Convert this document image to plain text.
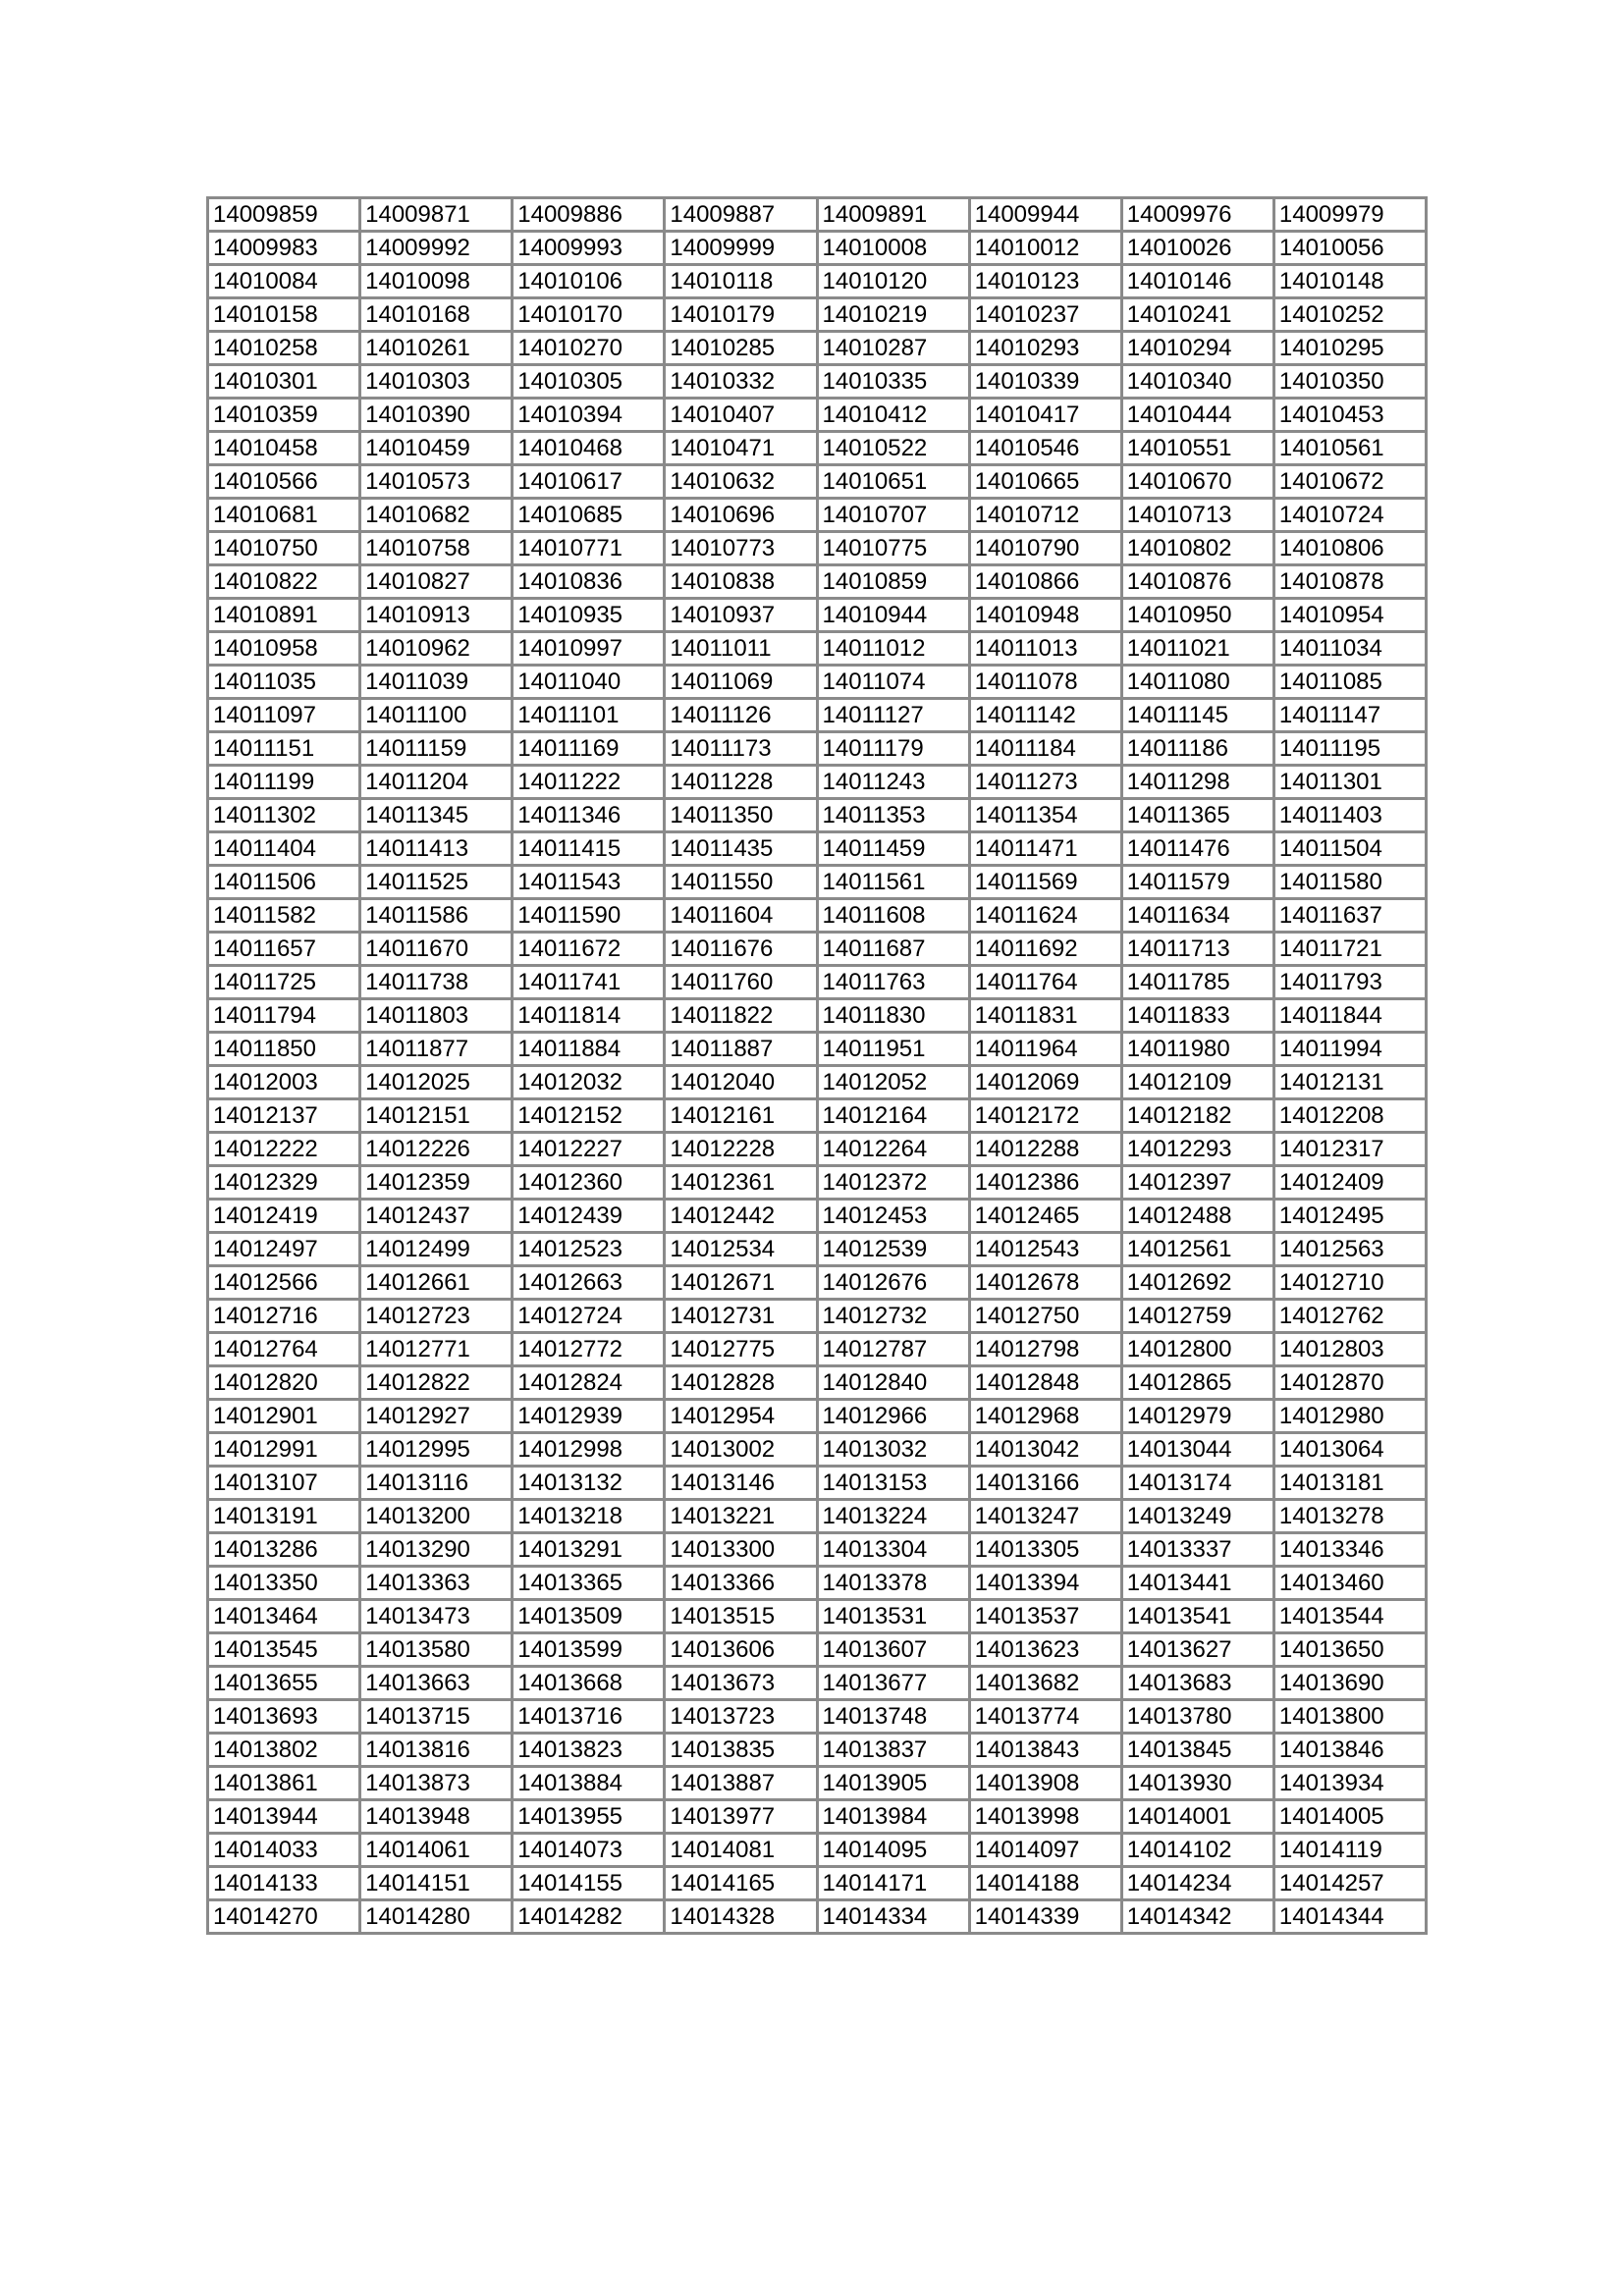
14009859	14009871	14009886	14009887	14009891	14009944	14009976	14009979
14009983	14009992	14009993	14009999	14010008	14010012	14010026	14010056
14010084	14010098	14010106	14010118	14010120	14010123	14010146	14010148
14010158	14010168	14010170	14010179	14010219	14010237	14010241	14010252
14010258	14010261	14010270	14010285	14010287	14010293	14010294	14010295
14010301	14010303	14010305	14010332	14010335	14010339	14010340	14010350
14010359	14010390	14010394	14010407	14010412	14010417	14010444	14010453
14010458	14010459	14010468	14010471	14010522	14010546	14010551	14010561
14010566	14010573	14010617	14010632	14010651	14010665	14010670	14010672
14010681	14010682	14010685	14010696	14010707	14010712	14010713	14010724
14010750	14010758	14010771	14010773	14010775	14010790	14010802	14010806
14010822	14010827	14010836	14010838	14010859	14010866	14010876	14010878
14010891	14010913	14010935	14010937	14010944	14010948	14010950	14010954
14010958	14010962	14010997	14011011	14011012	14011013	14011021	14011034
14011035	14011039	14011040	14011069	14011074	14011078	14011080	14011085
14011097	14011100	14011101	14011126	14011127	14011142	14011145	14011147
14011151	14011159	14011169	14011173	14011179	14011184	14011186	14011195
14011199	14011204	14011222	14011228	14011243	14011273	14011298	14011301
14011302	14011345	14011346	14011350	14011353	14011354	14011365	14011403
14011404	14011413	14011415	14011435	14011459	14011471	14011476	14011504
14011506	14011525	14011543	14011550	14011561	14011569	14011579	14011580
14011582	14011586	14011590	14011604	14011608	14011624	14011634	14011637
14011657	14011670	14011672	14011676	14011687	14011692	14011713	14011721
14011725	14011738	14011741	14011760	14011763	14011764	14011785	14011793
14011794	14011803	14011814	14011822	14011830	14011831	14011833	14011844
14011850	14011877	14011884	14011887	14011951	14011964	14011980	14011994
14012003	14012025	14012032	14012040	14012052	14012069	14012109	14012131
14012137	14012151	14012152	14012161	14012164	14012172	14012182	14012208
14012222	14012226	14012227	14012228	14012264	14012288	14012293	14012317
14012329	14012359	14012360	14012361	14012372	14012386	14012397	14012409
14012419	14012437	14012439	14012442	14012453	14012465	14012488	14012495
14012497	14012499	14012523	14012534	14012539	14012543	14012561	14012563
14012566	14012661	14012663	14012671	14012676	14012678	14012692	14012710
14012716	14012723	14012724	14012731	14012732	14012750	14012759	14012762
14012764	14012771	14012772	14012775	14012787	14012798	14012800	14012803
14012820	14012822	14012824	14012828	14012840	14012848	14012865	14012870
14012901	14012927	14012939	14012954	14012966	14012968	14012979	14012980
14012991	14012995	14012998	14013002	14013032	14013042	14013044	14013064
14013107	14013116	14013132	14013146	14013153	14013166	14013174	14013181
14013191	14013200	14013218	14013221	14013224	14013247	14013249	14013278
14013286	14013290	14013291	14013300	14013304	14013305	14013337	14013346
14013350	14013363	14013365	14013366	14013378	14013394	14013441	14013460
14013464	14013473	14013509	14013515	14013531	14013537	14013541	14013544
14013545	14013580	14013599	14013606	14013607	14013623	14013627	14013650
14013655	14013663	14013668	14013673	14013677	14013682	14013683	14013690
14013693	14013715	14013716	14013723	14013748	14013774	14013780	14013800
14013802	14013816	14013823	14013835	14013837	14013843	14013845	14013846
14013861	14013873	14013884	14013887	14013905	14013908	14013930	14013934
14013944	14013948	14013955	14013977	14013984	14013998	14014001	14014005
14014033	14014061	14014073	14014081	14014095	14014097	14014102	14014119
14014133	14014151	14014155	14014165	14014171	14014188	14014234	14014257
14014270	14014280	14014282	14014328	14014334	14014339	14014342	14014344
